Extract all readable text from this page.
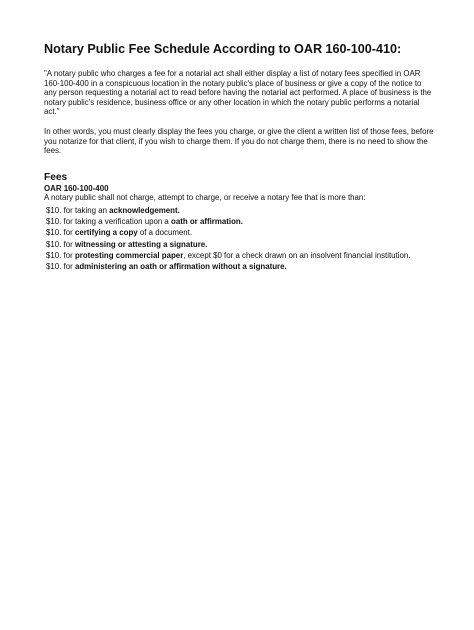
Notary Public Fee Schedule According to OAR 160-100-410:

"A notary public who charges a fee for a notarial act shall either display a list of notary fees specified in OAR 160-100-400 in a conspicuous location in the notary public's place of business or give a copy of the notice to any person requesting a notarial act to read before having the notarial act performed. A place of business is the notary public's residence, business office or any other location in which the notary public performs a notarial act."

In other words, you must clearly display the fees you charge, or give the client a written list of those fees, before you notarize for that client, if you wish to charge them. If you do not charge them, there is no need to show the fees.

Fees

OAR 160-100-400

A notary public shall not charge, attempt to charge, or receive a notary fee that is more than:

$10. for taking an acknowledgement.
$10. for taking a verification upon a oath or affirmation.
$10. for certifying a copy of a document.
$10. for witnessing or attesting a signature.
$10. for protesting commercial paper, except $0 for a check drawn on an insolvent financial institution.
$10. for administering an oath or affirmation without a signature.
